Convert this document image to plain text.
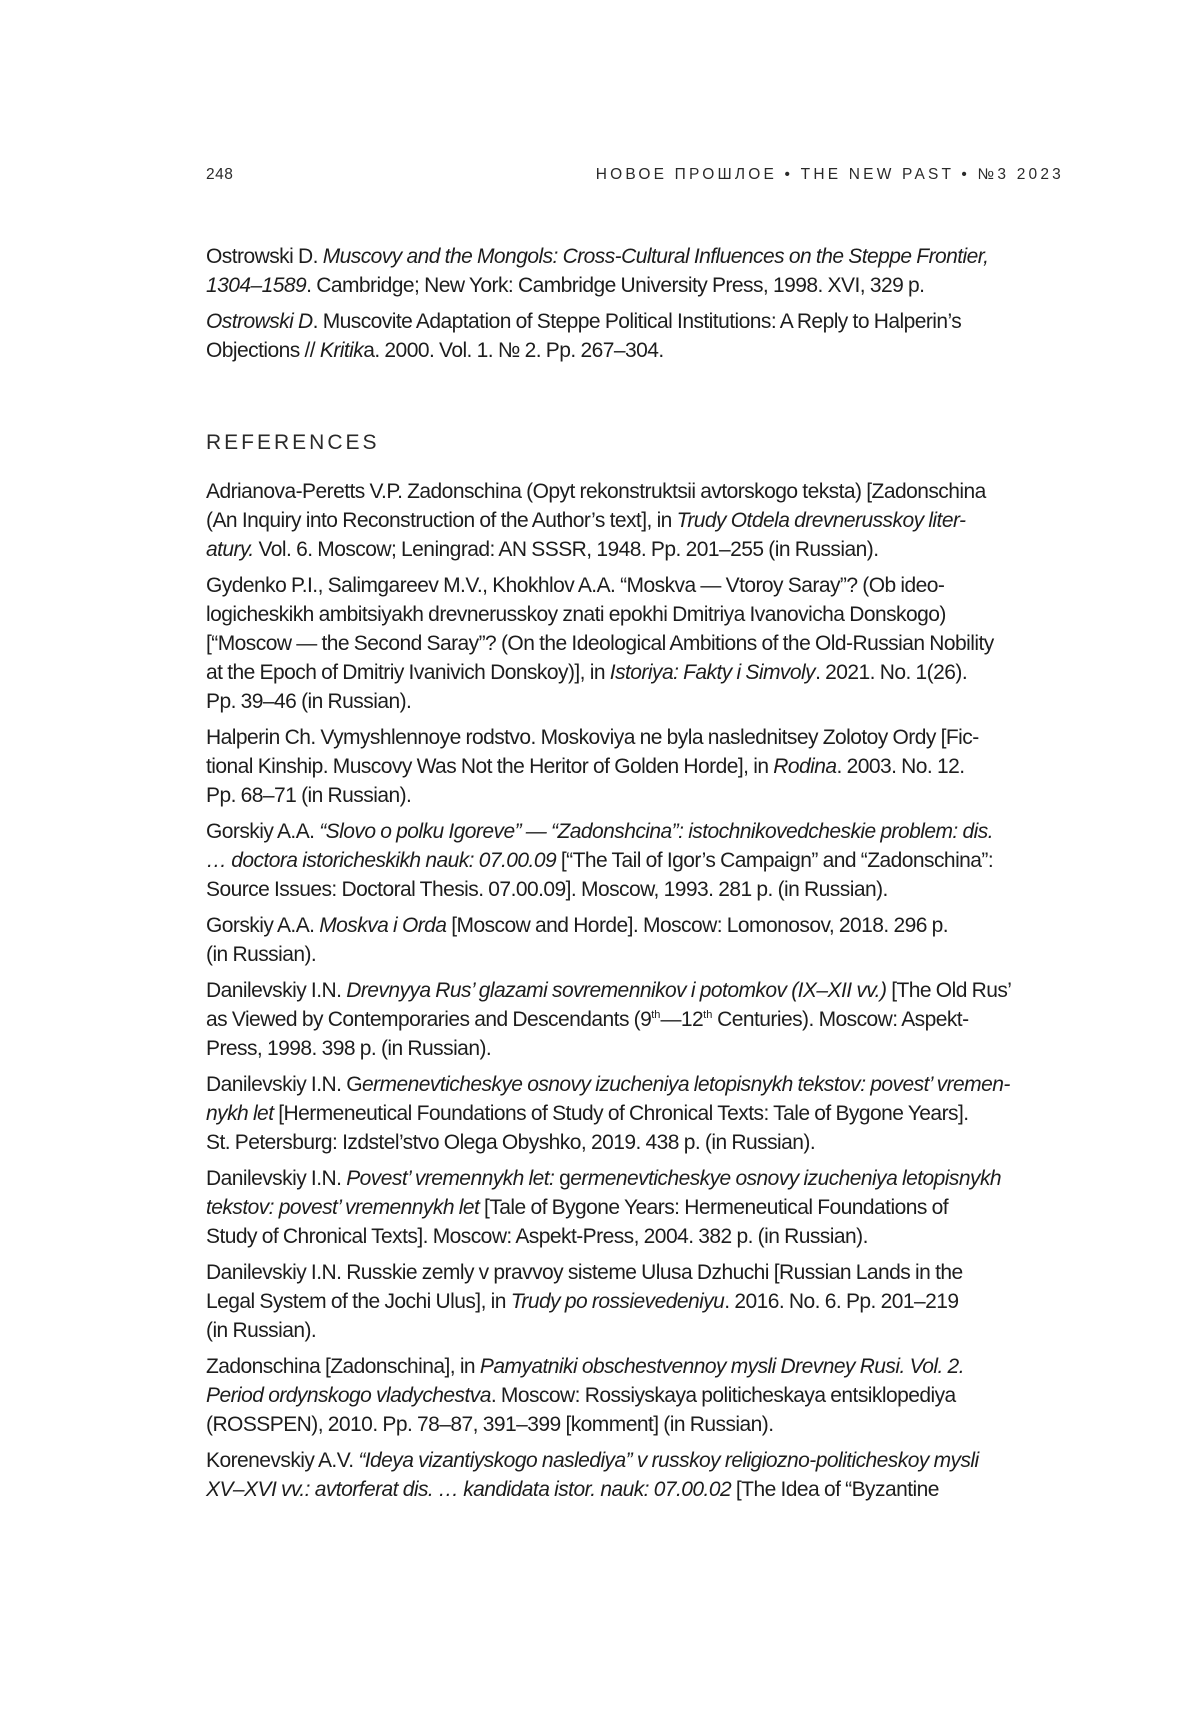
248	НОВОЕ ПРОШЛОЕ • THE NEW PAST • №3 2023

Ostrowski D. Muscovy and the Mongols: Cross-Cultural Influences on the Steppe Frontier,
1304–1589. Cambridge; New York: Cambridge University Press, 1998. XVI, 329 p.

Ostrowski D. Muscovite Adaptation of Steppe Political Institutions: A Reply to Halperin’s
Objections // Kritika. 2000. Vol. 1. № 2. Pp. 267–304.

REFERENCES

Adrianova-Peretts V.P. Zadonschina (Opyt rekonstruktsii avtorskogo teksta) [Zadonschina
(An Inquiry into Reconstruction of the Author’s text], in Trudy Otdela drevnerusskoy liter-
atury. Vol. 6. Moscow; Leningrad: AN SSSR, 1948. Pp. 201–255 (in Russian).

Gydenko P.I., Salimgareev M.V., Khokhlov A.A. “Moskva — Vtoroy Saray”? (Ob ideo-
logicheskikh ambitsiyakh drevnerusskoy znati epokhi Dmitriya Ivanovicha Donskogo)
[“Moscow — the Second Saray”? (On the Ideological Ambitions of the Old-Russian Nobility
at the Epoch of Dmitriy Ivanivich Donskoy)], in Istoriya: Fakty i Simvoly. 2021. No. 1(26).
Pp. 39–46 (in Russian).

Halperin Ch. Vymyshlennoye rodstvo. Moskoviya ne byla naslednitsey Zolotoy Ordy [Fic-
tional Kinship. Muscovy Was Not the Heritor of Golden Horde], in Rodina. 2003. No. 12.
Pp. 68–71 (in Russian).

Gorskiy A.A. “Slovo o polku Igoreve” — “Zadonshcina”: istochnikovedcheskie problem: dis.
… doctora istoricheskikh nauk: 07.00.09 [“The Tail of Igor’s Campaign” and “Zadonschina”:
Source Issues: Doctoral Thesis. 07.00.09]. Moscow, 1993. 281 p. (in Russian).

Gorskiy A.A. Moskva i Orda [Moscow and Horde]. Moscow: Lomonosov, 2018. 296 p.
(in Russian).

Danilevskiy I.N. Drevnyya Rus’ glazami sovremennikov i potomkov (IX–XII vv.) [The Old Rus’
as Viewed by Contemporaries and Descendants (9th—12th Centuries). Moscow: Aspekt-
Press, 1998. 398 p. (in Russian).

Danilevskiy I.N. Germenevticheskye osnovy izucheniya letopisnykh tekstov: povest’ vremen-
nykh let [Hermeneutical Foundations of Study of Chronical Texts: Tale of Bygone Years].
St. Petersburg: Izdstel’stvo Olega Obyshko, 2019. 438 p. (in Russian).

Danilevskiy I.N. Povest’ vremennykh let: germenevticheskye osnovy izucheniya letopisnykh
tekstov: povest’ vremennykh let [Tale of Bygone Years: Hermeneutical Foundations of
Study of Chronical Texts]. Moscow: Aspekt-Press, 2004. 382 p. (in Russian).

Danilevskiy I.N. Russkie zemly v pravvoy sisteme Ulusa Dzhuchi [Russian Lands in the
Legal System of the Jochi Ulus], in Trudy po rossievedeniyu. 2016. No. 6. Pp. 201–219
(in Russian).

Zadonschina [Zadonschina], in Pamyatniki obschestvennoy mysli Drevney Rusi. Vol. 2.
Period ordynskogo vladychestva. Moscow: Rossiyskaya politicheskaya entsiklopediya
(ROSSPEN), 2010. Pp. 78–87, 391–399 [komment] (in Russian).

Korenevskiy A.V. “Ideya vizantiyskogo naslediya” v russkoy religiozno-politicheskoy mysli
XV–XVI vv.: avtorferat dis. … kandidata istor. nauk: 07.00.02 [The Idea of “Byzantine
